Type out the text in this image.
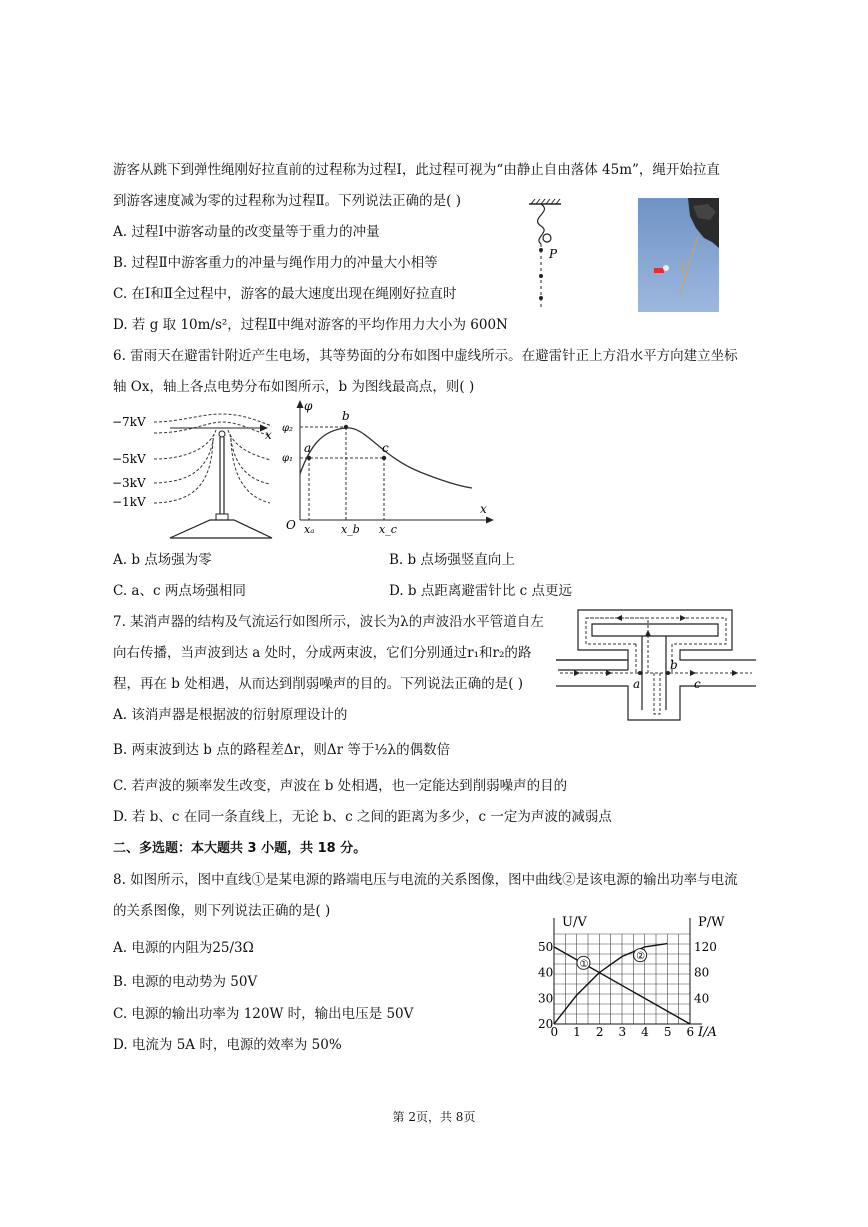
游客从跳下到弹性绳刚好拉直前的过程称为过程Ⅰ，此过程可视为“由静止自由落体 45m”，绳开始拉直
到游客速度减为零的过程称为过程Ⅱ。下列说法正确的是( )
A. 过程Ⅰ中游客动量的改变量等于重力的冲量
B. 过程Ⅱ中游客重力的冲量与绳作用力的冲量大小相等
C. 在Ⅰ和Ⅱ全过程中，游客的最大速度出现在绳刚好拉直时
D. 若 g 取 10m/s²，过程Ⅱ中绳对游客的平均作用力大小为 600N
P
6. 雷雨天在避雷针附近产生电场，其等势面的分布如图中虚线所示。在避雷针正上方沿水平方向建立坐标
轴 Ox，轴上各点电势分布如图所示，b 为图线最高点，则( )
−7kV
−5kV
−3kV
−1kV
x
φ
x
O
φ₂
φ₁
a
b
c
xₐ x_b x_c
A. b 点场强为零	B. b 点场强竖直向上
C. a、c 两点场强相同	D. b 点距离避雷针比 c 点更远
7. 某消声器的结构及气流运行如图所示，波长为λ的声波沿水平管道自左
向右传播，当声波到达 a 处时，分成两束波，它们分别通过r₁和r₂的路
程，再在 b 处相遇，从而达到削弱噪声的目的。下列说法正确的是( )	a
b
c
A. 该消声器是根据波的衍射原理设计的
B. 两束波到达 b 点的路程差Δr，则Δr 等于½λ的偶数倍
C. 若声波的频率发生改变，声波在 b 处相遇，也一定能达到削弱噪声的目的
D. 若 b、c 在同一条直线上，无论 b、c 之间的距离为多少，c 一定为声波的减弱点
二、多选题：本大题共 3 小题，共 18 分。
8. 如图所示，图中直线①是某电源的路端电压与电流的关系图像，图中曲线②是该电源的输出功率与电流
的关系图像，则下列说法正确的是( )
A. 电源的内阻为25/3Ω
B. 电源的电动势为 50V
C. 电源的输出功率为 120W 时，输出电压是 50V
D. 电流为 5A 时，电源的效率为 50%
①
②
U/V	P/W
I/A
0 1 2 3 4 5 6
20
30
40
50
40
80
120
第 2页，共 8页
